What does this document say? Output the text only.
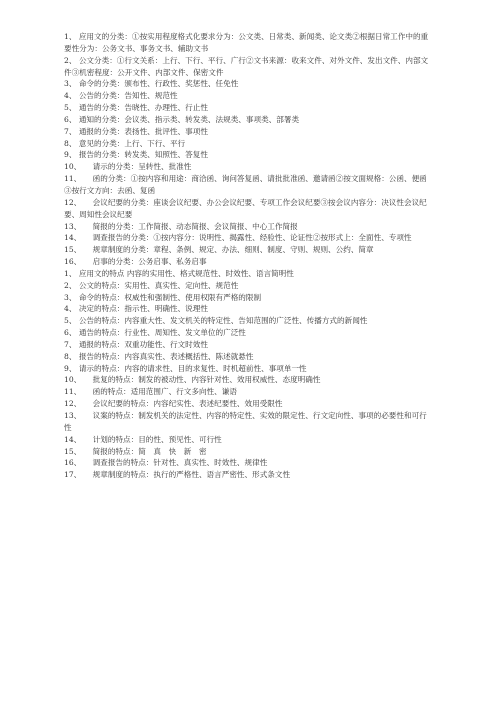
1、 应用文的分类：①按实用程度格式化要求分为：公文类、日常类、新闻类、论文类②根据日常工作中的重要性分为：公务文书、事务文书、辅助文书
2、 公文分类：①行文关系：上行、下行、平行、广行②文书来源：收来文件、对外文件、发出文件、内部文件③机密程度：公开文件、内部文件、保密文件
3、 命令的分类：颁布性、行政性、奖惩性、任免性
4、 公告的分类：告知性、规范性
5、 通告的分类：告晓性、办理性、行止性
6、 通知的分类：会议类、指示类、转发类、法规类、事项类、部署类
7、 通报的分类：表扬性、批评性、事项性
8、 意见的分类：上行、下行、平行
9、 报告的分类：转发类、知照性、答复性
10、　　请示的分类：呈转性、批准性
11、　　函的分类：①按内容和用途：商洽函、询问答复函、请批批准函、邀请函②按文面规格：公函、便函③按行文方向：去函、复函
12、　　会议纪要的分类：座谈会议纪要、办公会议纪要、专项工作会议纪要③按会议内容分：决议性会议纪要、周知性会议纪要
13、　　简报的分类：工作简报、动态简报、会议简报、中心工作简报
14、　　调查报告的分类：①按内容分：说明性、揭露性、经验性、论证性②按形式上：全面性、专项性
15、　　规章制度的分类：章程、条例、规定、办法、细则、制度、守则、规则、公约、简章
16、　　启事的分类：公务启事、私务启事
1、 应用文的特点 内容的实用性、格式规范性、时效性、语言简明性
2、 公文的特点：实用性、真实性、定向性、规范性
3、 命令的特点：权威性和强制性、使用权限有严格的限制
4、 决定的特点：指示性、明确性、说理性
5、 公告的特点：内容重大性、发文机关的特定性、告知范围的广泛性、传播方式的新闻性
6、 通告的特点：行业性、周知性、发文单位的广泛性
7、 通报的特点：双重功能性、行文时效性
8、 报告的特点：内容真实性、表述概括性、陈述就悬性
9、 请示的特点：内容的请求性、目的求复性、时机超前性、事项单一性
10、　　批复的特点：制发的被动性、内容针对性、效用权威性、态度明确性
11、　　函的特点：适用范围广、行文多向性、谦语
12、　　会议纪要的特点：内容纪实性、表述纪要性、效用受限性
13、　　议案的特点：制发机关的法定性、内容的特定性、实效的限定性、行文定向性、事项的必要性和可行性
14、　　计划的特点：目的性、预见性、可行性
15、　　简报的特点：简　真　快　新　密
16、　　调查报告的特点：针对性、真实性、时效性、规律性
17、　　规章制度的特点：执行的严格性、语言严密性、形式条文性
